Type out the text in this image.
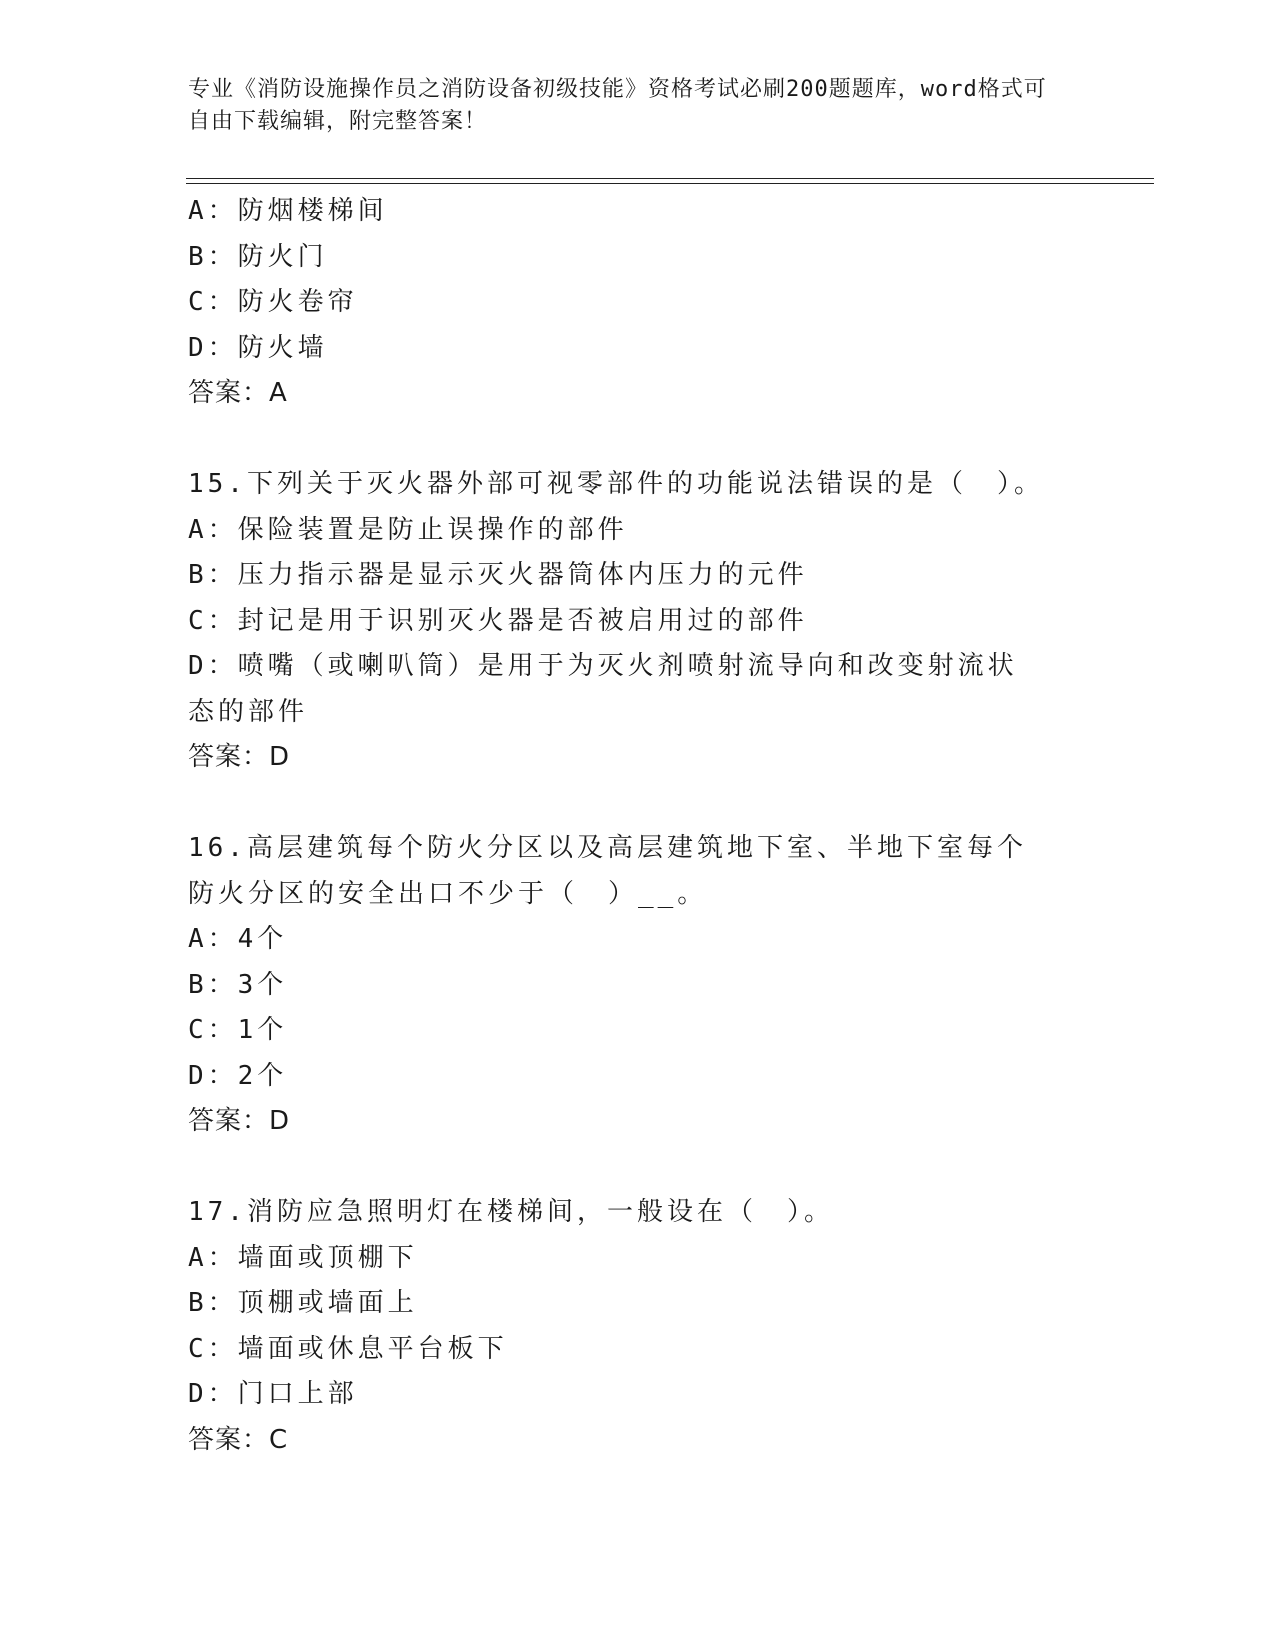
专业《消防设施操作员之消防设备初级技能》资格考试必刷200题题库，word格式可自由下载编辑，附完整答案！
A：防烟楼梯间
B：防火门
C：防火卷帘
D：防火墙
答案：A
15.下列关于灭火器外部可视零部件的功能说法错误的是（　）。
A：保险装置是防止误操作的部件
B：压力指示器是显示灭火器筒体内压力的元件
C：封记是用于识别灭火器是否被启用过的部件
D：喷嘴（或喇叭筒）是用于为灭火剂喷射流导向和改变射流状态的部件
答案：D
16.高层建筑每个防火分区以及高层建筑地下室、半地下室每个防火分区的安全出口不少于（　）__。
A：4个
B：3个
C：1个
D：2个
答案：D
17.消防应急照明灯在楼梯间，一般设在（　）。
A：墙面或顶棚下
B：顶棚或墙面上
C：墙面或休息平台板下
D：门口上部
答案：C
